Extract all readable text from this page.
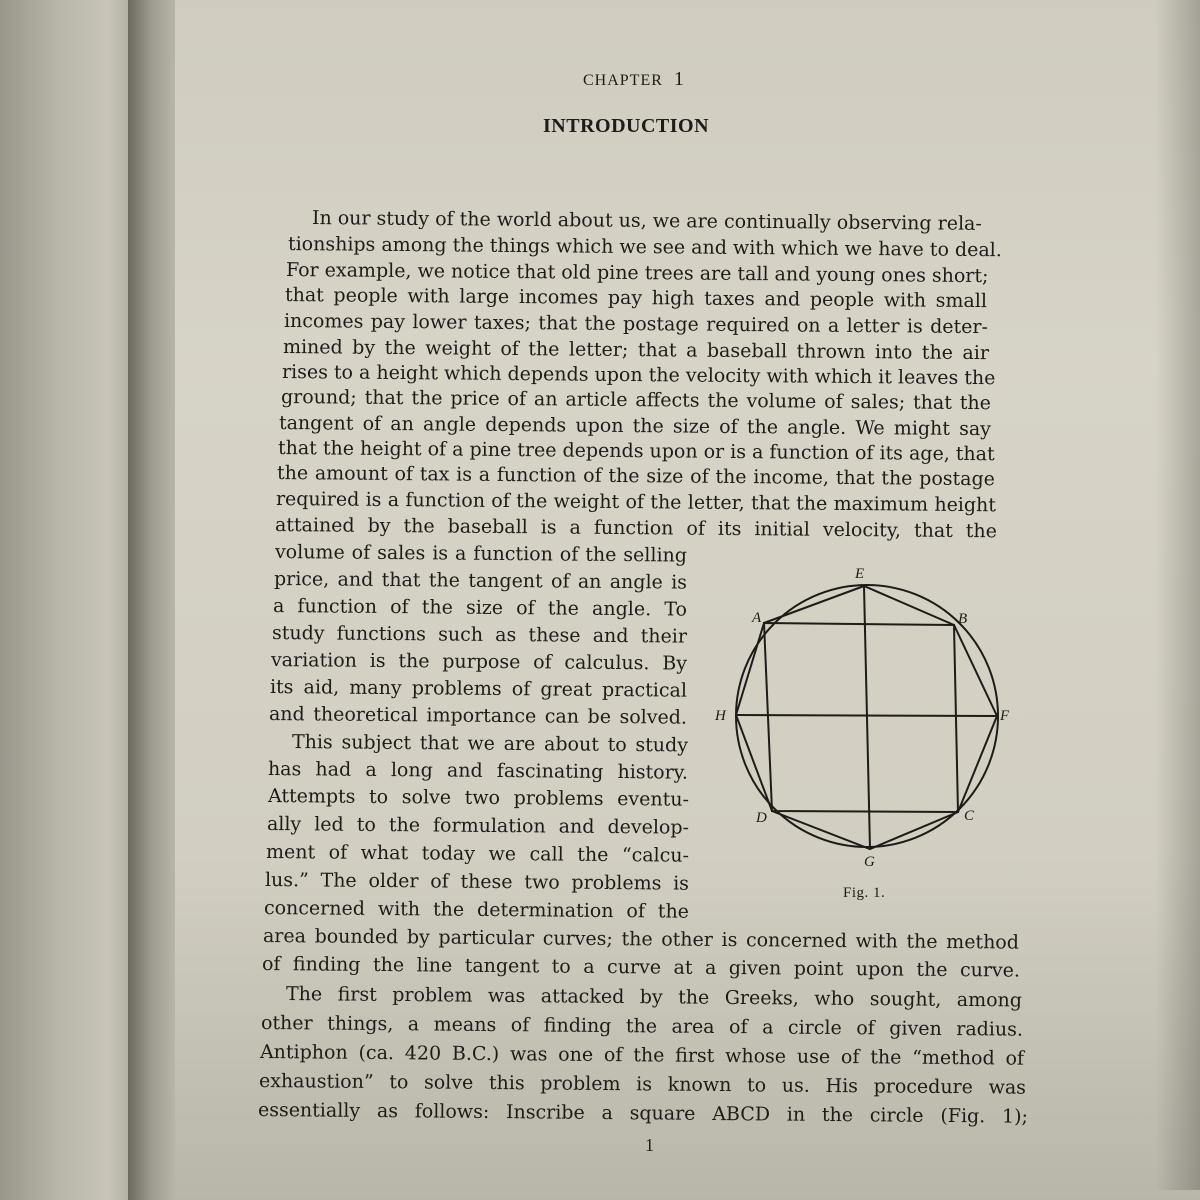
CHAPTER 1
INTRODUCTION
In our study of the world about us, we are continually observing rela-
tionships among the things which we see and with which we have to deal.
For example, we notice that old pine trees are tall and young ones short;
that people with large incomes pay high taxes and people with small
incomes pay lower taxes; that the postage required on a letter is deter-
mined by the weight of the letter; that a baseball thrown into the air
rises to a height which depends upon the velocity with which it leaves the
ground; that the price of an article affects the volume of sales; that the
tangent of an angle depends upon the size of the angle. We might say
that the height of a pine tree depends upon or is a function of its age, that
the amount of tax is a function of the size of the income, that the postage
required is a function of the weight of the letter, that the maximum height
attained by the baseball is a function of its initial velocity, that the
volume of sales is a function of the selling
price, and that the tangent of an angle is
a function of the size of the angle. To
study functions such as these and their
variation is the purpose of calculus. By
its aid, many problems of great practical
and theoretical importance can be solved.
This subject that we are about to study
has had a long and fascinating history.
Attempts to solve two problems eventu-
ally led to the formulation and develop-
ment of what today we call the “calcu-
lus.” The older of these two problems is
concerned with the determination of the
area bounded by particular curves; the other is concerned with the method
of finding the line tangent to a curve at a given point upon the curve.
The first problem was attacked by the Greeks, who sought, among
other things, a means of finding the area of a circle of given radius.
Antiphon (ca. 420 B.C.) was one of the first whose use of the “method of
exhaustion” to solve this problem is known to us. His procedure was
essentially as follows: Inscribe a square ABCD in the circle (Fig. 1);
E
A	B
H	F
D	C
G
Fig. 1.
1
